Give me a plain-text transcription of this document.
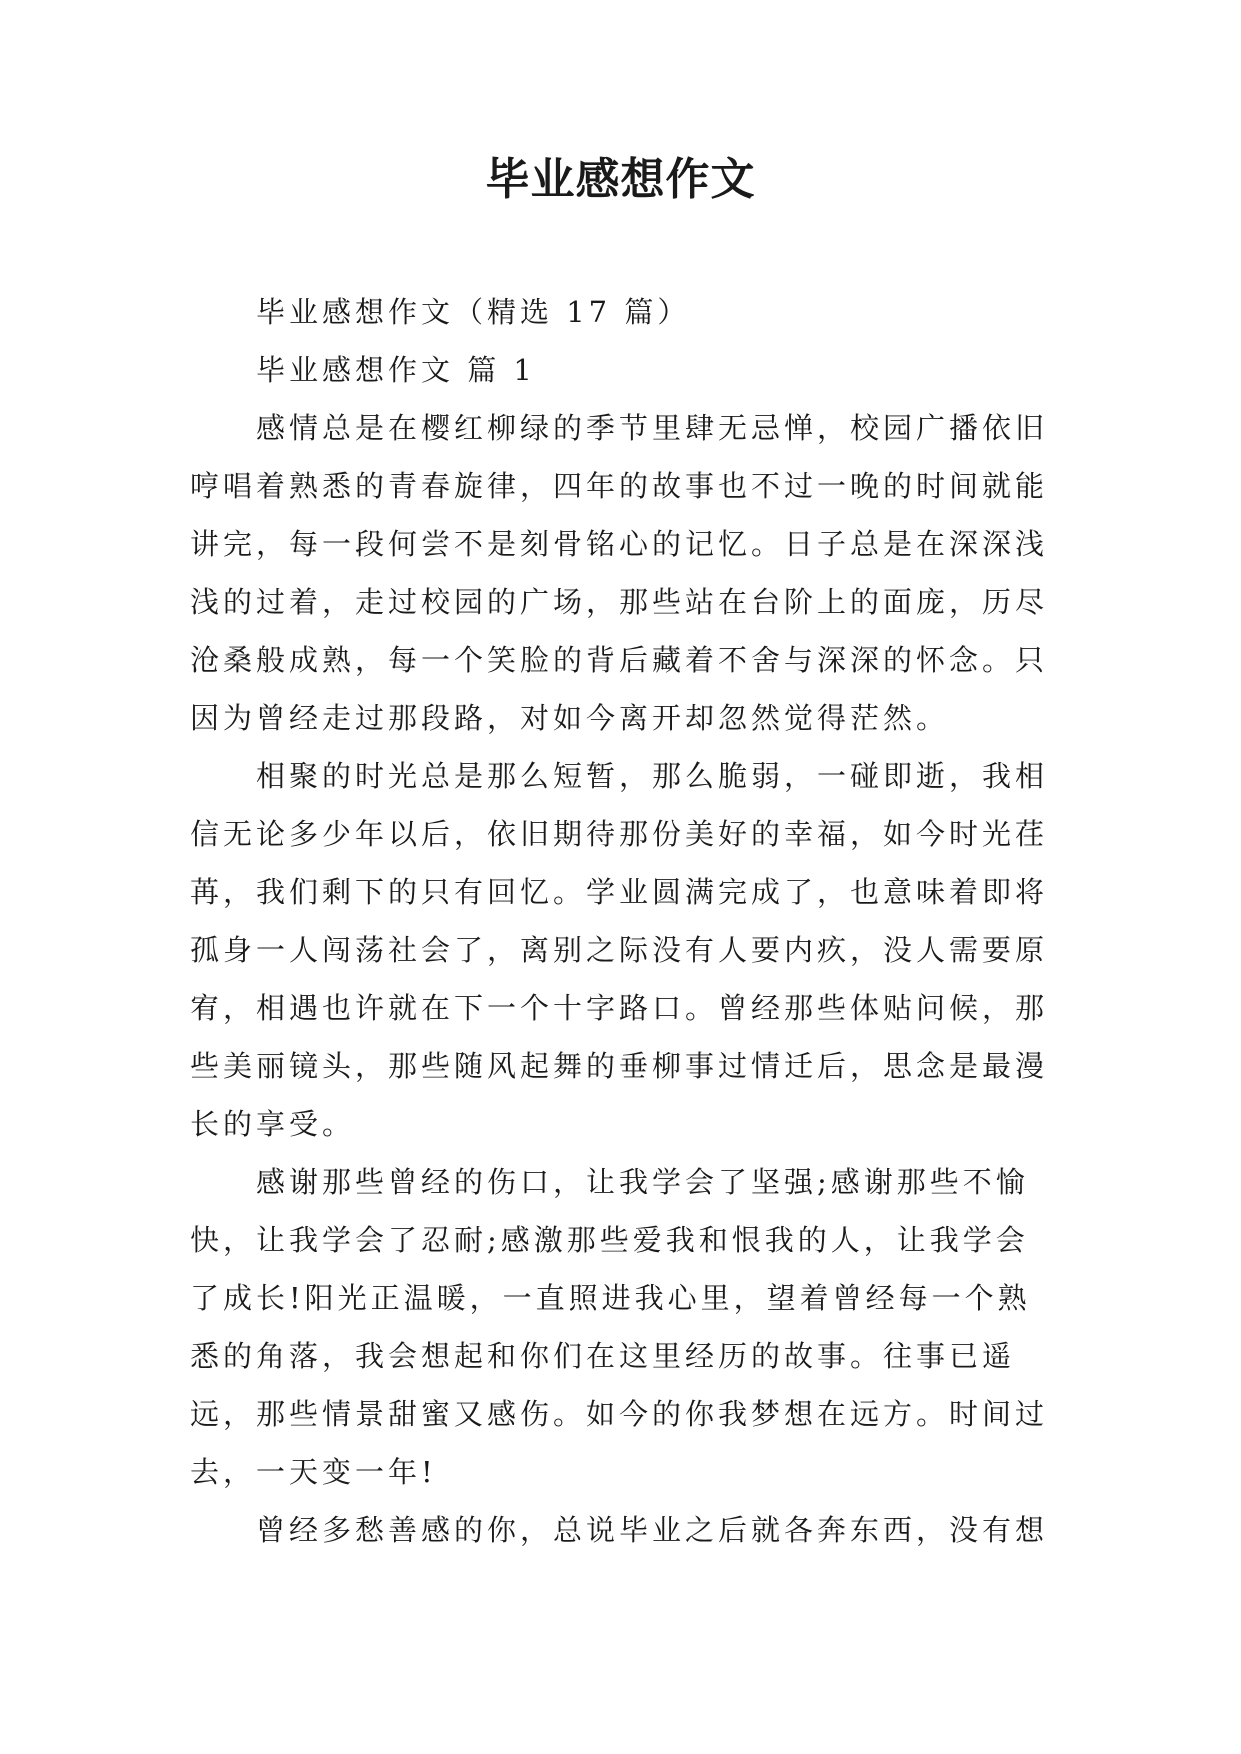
毕业感想作文

毕业感想作文（精选 17 篇）

毕业感想作文 篇 1

感情总是在樱红柳绿的季节里肆无忌惮，校园广播依旧哼唱着熟悉的青春旋律，四年的故事也不过一晚的时间就能讲完，每一段何尝不是刻骨铭心的记忆。日子总是在深深浅浅的过着，走过校园的广场，那些站在台阶上的面庞，历尽沧桑般成熟，每一个笑脸的背后藏着不舍与深深的怀念。只因为曾经走过那段路，对如今离开却忽然觉得茫然。

相聚的时光总是那么短暂，那么脆弱，一碰即逝，我相信无论多少年以后，依旧期待那份美好的幸福，如今时光荏苒，我们剩下的只有回忆。学业圆满完成了，也意味着即将孤身一人闯荡社会了，离别之际没有人要内疚，没人需要原宥，相遇也许就在下一个十字路口。曾经那些体贴问候，那些美丽镜头，那些随风起舞的垂柳事过情迁后，思念是最漫长的享受。

感谢那些曾经的伤口，让我学会了坚强;感谢那些不愉快，让我学会了忍耐;感激那些爱我和恨我的人，让我学会了成长!阳光正温暖，一直照进我心里，望着曾经每一个熟悉的角落，我会想起和你们在这里经历的故事。往事已遥远，那些情景甜蜜又感伤。如今的你我梦想在远方。时间过去，一天变一年!

曾经多愁善感的你，总说毕业之后就各奔东西，没有想
